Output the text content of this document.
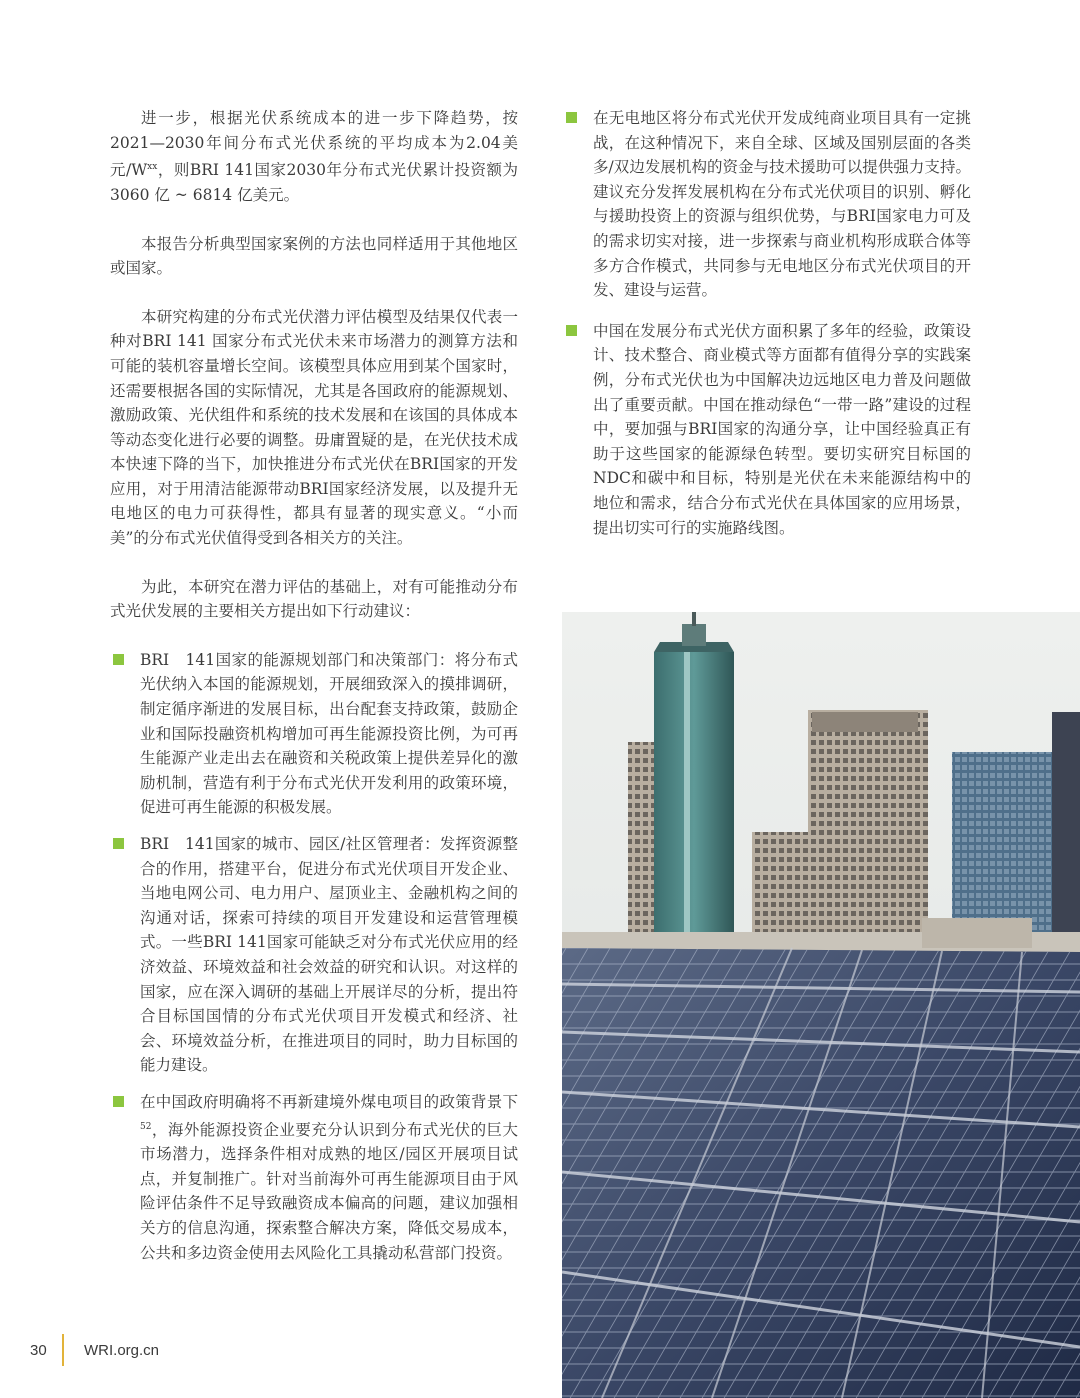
进一步，根据光伏系统成本的进一步下降趋势，按2021—2030年间分布式光伏系统的平均成本为2.04美元$/W^{xx}$，则BRI 141国家2030年分布式光伏累计投资额为3060 亿 ~ 6814 亿美元。

本报告分析典型国家案例的方法也同样适用于其他地区或国家。

本研究构建的分布式光伏潜力评估模型及结果仅代表一种对BRI 141 国家分布式光伏未来市场潜力的测算方法和可能的装机容量增长空间。该模型具体应用到某个国家时，还需要根据各国的实际情况，尤其是各国政府的能源规划、激励政策、光伏组件和系统的技术发展和在该国的具体成本等动态变化进行必要的调整。毋庸置疑的是，在光伏技术成本快速下降的当下，加快推进分布式光伏在BRI国家的开发应用，对于用清洁能源带动BRI国家经济发展，以及提升无电地区的电力可获得性，都具有显著的现实意义。“小而美”的分布式光伏值得受到各相关方的关注。

为此，本研究在潜力评估的基础上，对有可能推动分布式光伏发展的主要相关方提出如下行动建议：

BRI　141国家的能源规划部门和决策部门：将分布式光伏纳入本国的能源规划，开展细致深入的摸排调研，制定循序渐进的发展目标，出台配套支持政策，鼓励企业和国际投融资机构增加可再生能源投资比例，为可再生能源产业走出去在融资和关税政策上提供差异化的激励机制，营造有利于分布式光伏开发利用的政策环境，促进可再生能源的积极发展。
BRI　141国家的城市、园区/社区管理者：发挥资源整合的作用，搭建平台，促进分布式光伏项目开发企业、当地电网公司、电力用户、屋顶业主、金融机构之间的沟通对话，探索可持续的项目开发建设和运营管理模式。一些BRI 141国家可能缺乏对分布式光伏应用的经济效益、环境效益和社会效益的研究和认识。对这样的国家，应在深入调研的基础上开展详尽的分析，提出符合目标国国情的分布式光伏项目开发模式和经济、社会、环境效益分析，在推进项目的同时，助力目标国的能力建设。
在中国政府明确将不再新建境外煤电项目的政策背景下$^{52}$，海外能源投资企业要充分认识到分布式光伏的巨大市场潜力，选择条件相对成熟的地区/园区开展项目试点，并复制推广。针对当前海外可再生能源项目由于风险评估条件不足导致融资成本偏高的问题，建议加强相关方的信息沟通，探索整合解决方案，降低交易成本，公共和多边资金使用去风险化工具撬动私营部门投资。
在无电地区将分布式光伏开发成纯商业项目具有一定挑战，在这种情况下，来自全球、区域及国别层面的各类多/双边发展机构的资金与技术援助可以提供强力支持。建议充分发挥发展机构在分布式光伏项目的识别、孵化与援助投资上的资源与组织优势，与BRI国家电力可及的需求切实对接，进一步探索与商业机构形成联合体等多方合作模式，共同参与无电地区分布式光伏项目的开发、建设与运营。
中国在发展分布式光伏方面积累了多年的经验，政策设计、技术整合、商业模式等方面都有值得分享的实践案例，分布式光伏也为中国解决边远地区电力普及问题做出了重要贡献。中国在推动绿色“一带一路”建设的过程中，要加强与BRI国家的沟通分享，让中国经验真正有助于这些国家的能源绿色转型。要切实研究目标国的NDC和碳中和目标，特别是光伏在未来能源结构中的地位和需求，结合分布式光伏在具体国家的应用场景，提出切实可行的实施路线图。
30 WRI.org.cn
